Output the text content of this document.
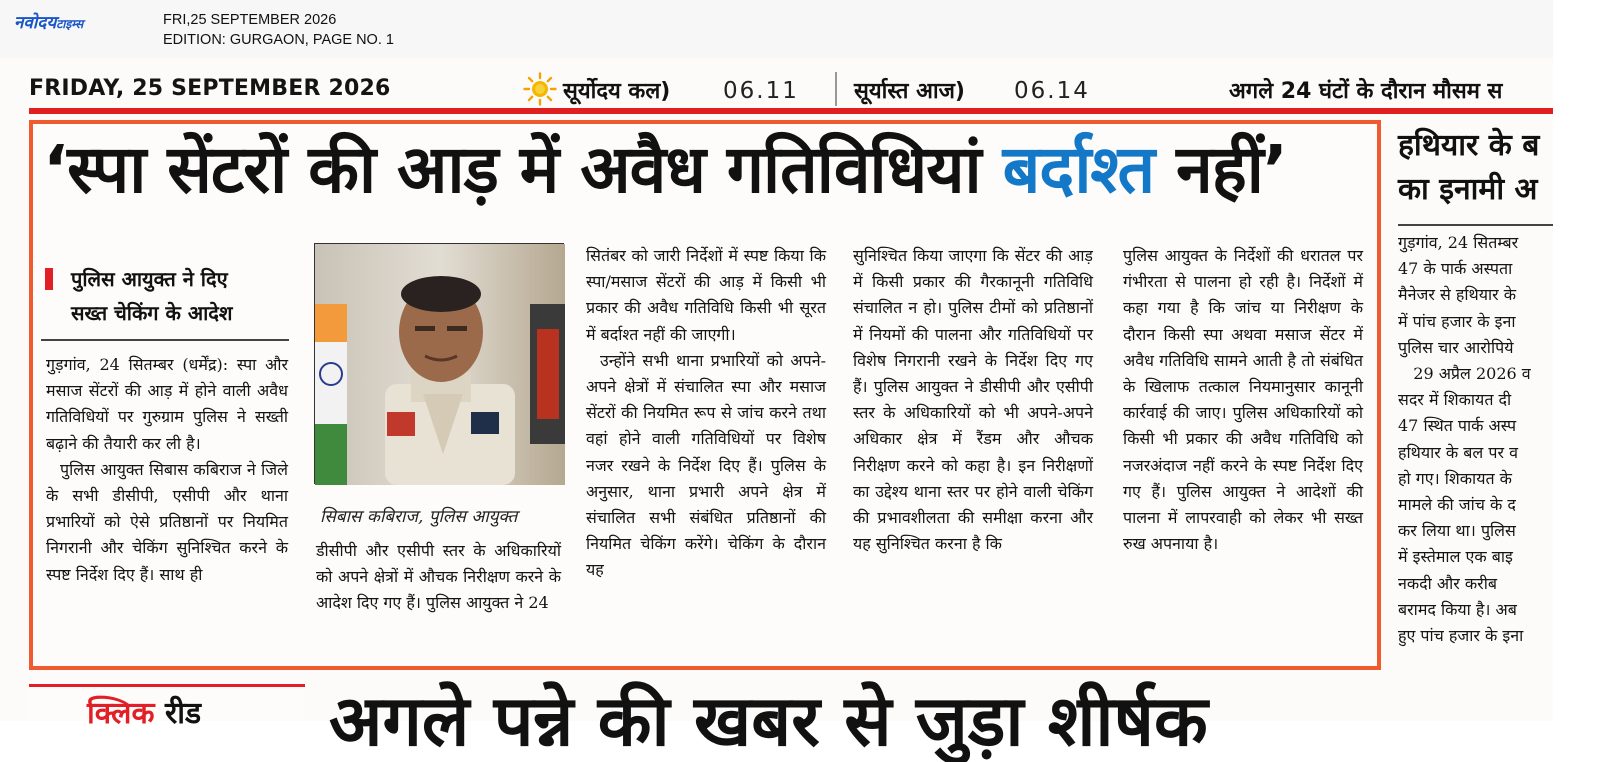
नवोदयटाइम्स	FRI,25 SEPTEMBER 2026
EDITION: GURGAON, PAGE NO. 1
FRIDAY, 25 SEPTEMBER 2026	सूर्योदय कल) 06.11	सूर्यास्त आज) 06.14	अगले 24 घंटों के दौरान मौसम स
‘स्पा सेंटरों की आड़ में अवैध गतिविधियां बर्दाश्त नहीं’
पुलिस आयुक्त ने दिए
सख्त चेकिंग के आदेश

गुड़गांव, 24 सितम्बर (धर्मेंद्र): स्पा और मसाज सेंटरों की आड़ में होने वाली अवैध गतिविधियों पर गुरुग्राम पुलिस ने सख्ती बढ़ाने की तैयारी कर ली है।

पुलिस आयुक्त सिबास कबिराज ने जिले के सभी डीसीपी, एसीपी और थाना प्रभारियों को ऐसे प्रतिष्ठानों पर नियमित निगरानी और चेकिंग सुनिश्चित करने के स्पष्ट निर्देश दिए हैं। साथ ही

सिबास कबिराज, पुलिस आयुक्त

डीसीपी और एसीपी स्तर के अधिकारियों को अपने क्षेत्रों में औचक निरीक्षण करने के आदेश दिए गए हैं। पुलिस आयुक्त ने 24

सितंबर को जारी निर्देशों में स्पष्ट किया कि स्पा/मसाज सेंटरों की आड़ में किसी भी प्रकार की अवैध गतिविधि किसी भी सूरत में बर्दाश्त नहीं की जाएगी।

उन्होंने सभी थाना प्रभारियों को अपने-अपने क्षेत्रों में संचालित स्पा और मसाज सेंटरों की नियमित रूप से जांच करने तथा वहां होने वाली गतिविधियों पर विशेष नजर रखने के निर्देश दिए हैं। पुलिस के अनुसार, थाना प्रभारी अपने क्षेत्र में संचालित सभी संबंधित प्रतिष्ठानों की नियमित चेकिंग करेंगे। चेकिंग के दौरान यह

सुनिश्चित किया जाएगा कि सेंटर की आड़ में किसी प्रकार की गैरकानूनी गतिविधि संचालित न हो। पुलिस टीमों को प्रतिष्ठानों में नियमों की पालना और गतिविधियों पर विशेष निगरानी रखने के निर्देश दिए गए हैं। पुलिस आयुक्त ने डीसीपी और एसीपी स्तर के अधिकारियों को भी अपने-अपने अधिकार क्षेत्र में रैंडम और औचक निरीक्षण करने को कहा है। इन निरीक्षणों का उद्देश्य थाना स्तर पर होने वाली चेकिंग की प्रभावशीलता की समीक्षा करना और यह सुनिश्चित करना है कि

पुलिस आयुक्त के निर्देशों की धरातल पर गंभीरता से पालना हो रही है। निर्देशों में कहा गया है कि जांच या निरीक्षण के दौरान किसी स्पा अथवा मसाज सेंटर में अवैध गतिविधि सामने आती है तो संबंधित के खिलाफ तत्काल नियमानुसार कानूनी कार्रवाई की जाए। पुलिस अधिकारियों को किसी भी प्रकार की अवैध गतिविधि को नजरअंदाज नहीं करने के स्पष्ट निर्देश दिए गए हैं। पुलिस आयुक्त ने आदेशों की पालना में लापरवाही को लेकर भी सख्त रुख अपनाया है।

हथियार के ब
का इनामी अ
गुड़गांव, 24 सितम्बर
47 के पार्क अस्पता
मैनेजर से हथियार के
में पांच हजार के इना
पुलिस चार आरोपिये
29 अप्रैल 2026 व
सदर में शिकायत दी
47 स्थित पार्क अस्प
हथियार के बल पर व
हो गए। शिकायत के
मामले की जांच के द
कर लिया था। पुलिस
में इस्तेमाल एक बाइ
नकदी और करीब
बरामद किया है। अब
हुए पांच हजार के इना
क्लिक रीड अगले पन्ने की खबर से जुड़ा शीर्षक
